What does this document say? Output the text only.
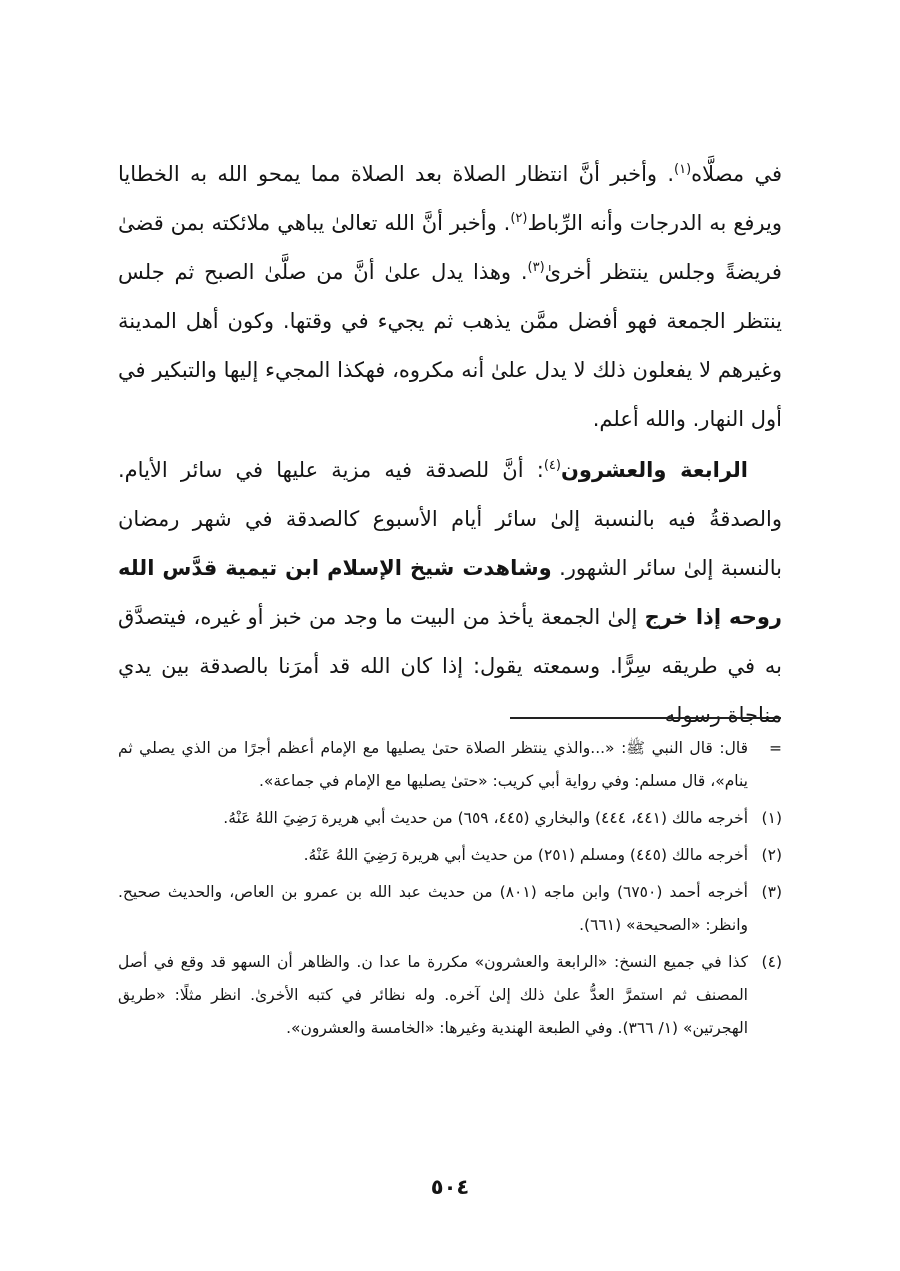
في مصلَّاه$^{(١)}$. وأخبر أنَّ انتظار الصلاة بعد الصلاة مما يمحو الله به الخطايا ويرفع به الدرجات وأنه الرِّباط$^{(٢)}$. وأخبر أنَّ الله تعالىٰ يباهي ملائكته بمن قضىٰ فريضةً وجلس ينتظر أخرىٰ$^{(٣)}$. وهذا يدل علىٰ أنَّ من صلَّىٰ الصبح ثم جلس ينتظر الجمعة فهو أفضل ممَّن يذهب ثم يجيء في وقتها. وكون أهل المدينة وغيرهم لا يفعلون ذلك لا يدل علىٰ أنه مكروه، فهكذا المجيء إليها والتبكير في أول النهار. والله أعلم.

الرابعة والعشرون$^{(٤)}$: أنَّ للصدقة فيه مزية عليها في سائر الأيام. والصدقةُ فيه بالنسبة إلىٰ سائر أيام الأسبوع كالصدقة في شهر رمضان بالنسبة إلىٰ سائر الشهور. وشاهدت شيخ الإسلام ابن تيمية قدَّس الله روحه إذا خرج إلىٰ الجمعة يأخذ من البيت ما وجد من خبز أو غيره، فيتصدَّق به في طريقه سِرًّا. وسمعته يقول: إذا كان الله قد أمرَنا بالصدقة بين يدي مناجاة رسوله

=
قال: قال النبي ﷺ: «...والذي ينتظر الصلاة حتىٰ يصليها مع الإمام أعظم أجرًا من الذي يصلي ثم ينام»، قال مسلم: وفي رواية أبي كريب: «حتىٰ يصليها مع الإمام في جماعة».
(١)
أخرجه مالك (٤٤١، ٤٤٤) والبخاري (٤٤٥، ٦٥٩) من حديث أبي هريرة رَضِيَ اللهُ عَنْهُ.
(٢)
أخرجه مالك (٤٤٥) ومسلم (٢٥١) من حديث أبي هريرة رَضِيَ اللهُ عَنْهُ.
(٣)
أخرجه أحمد (٦٧٥٠) وابن ماجه (٨٠١) من حديث عبد الله بن عمرو بن العاص، والحديث صحيح. وانظر: «الصحيحة» (٦٦١).
(٤)
كذا في جميع النسخ: «الرابعة والعشرون» مكررة ما عدا ن. والظاهر أن السهو قد وقع في أصل المصنف ثم استمرَّ العدُّ علىٰ ذلك إلىٰ آخره. وله نظائر في كتبه الأخرىٰ. انظر مثلًا: «طريق الهجرتين» (١/ ٣٦٦). وفي الطبعة الهندية وغيرها: «الخامسة والعشرون».
٥٠٤
